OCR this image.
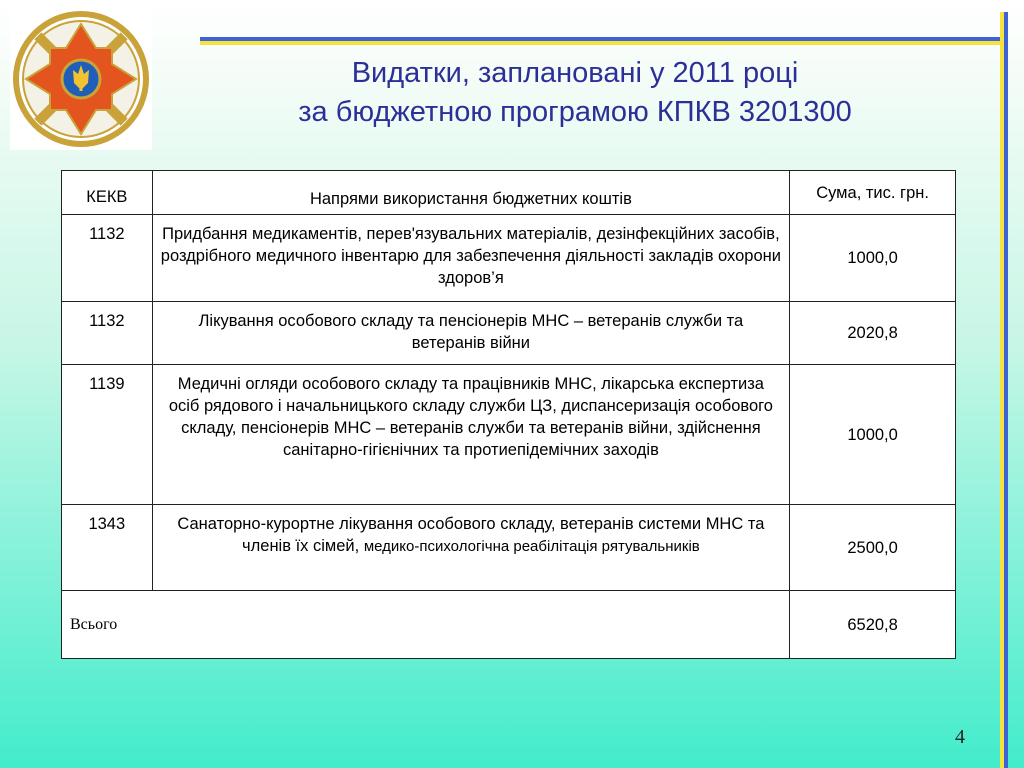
Видатки, заплановані у 2011 році
за бюджетною програмою КПКВ 3201300
КЕКВ	Напрями використання бюджетних коштів	Сума, тис. грн.
1132	Придбання медикаментів, перев'язувальних матеріалів, дезінфекційних засобів, роздрібного медичного інвентарю для забезпечення діяльності закладів охорони здоров’я	1000,0
1132	Лікування особового складу та пенсіонерів МНС – ветеранів служби та ветеранів війни	2020,8
1139	Медичні огляди особового складу та працівників МНС, лікарська експертиза осіб рядового і начальницького складу служби ЦЗ, диспансеризація особового складу, пенсіонерів МНС – ветеранів служби та ветеранів війни, здійснення санітарно-гігієнічних та протиепідемічних заходів	1000,0
1343	Санаторно-курортне лікування особового складу, ветеранів системи МНС та членів їх сімей, медико-психологічна реабілітація рятувальників	2500,0
Всього		6520,8
4
